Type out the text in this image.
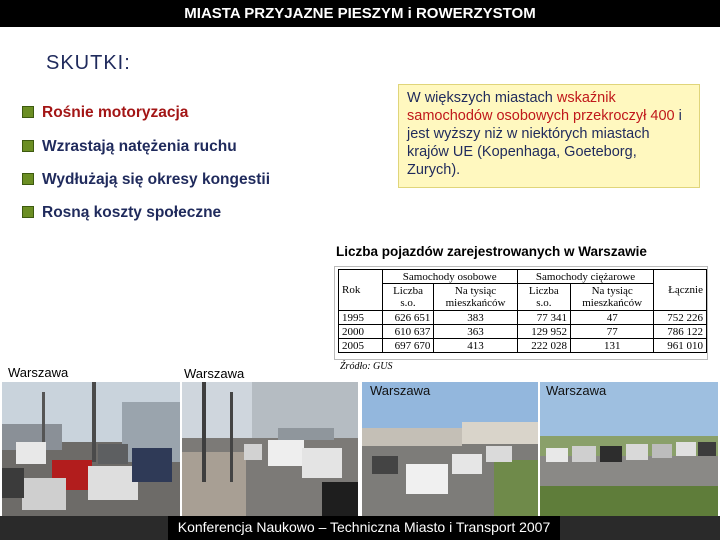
MIASTA PRZYJAZNE PIESZYM i ROWERZYSTOM
SKUTKI:
Rośnie motoryzacja
Wzrastają natężenia ruchu
Wydłużają się okresy kongestii
Rosną koszty społeczne
W większych miastach wskaźnik samochodów osobowych przekroczył 400 i jest wyższy niż w niektórych miastach krajów UE (Kopenhaga, Goeteborg, Zurych).
Liczba pojazdów zarejestrowanych w Warszawie
Rok	Samochody osobowe		Samochody ciężarowe		Łącznie
	Liczba s.o.	Na tysiąc mieszkańców	Liczba s.o.	Na tysiąc mieszkańców	
1995	626 651	383	77 341	47	752 226
2000	610 637	363	129 952	77	786 122
2005	697 670	413	222 028	131	961 010
Źródło: GUS
Warszawa	Warszawa
Warszawa	Warszawa
Konferencja Naukowo – Techniczna Miasto i Transport 2007
